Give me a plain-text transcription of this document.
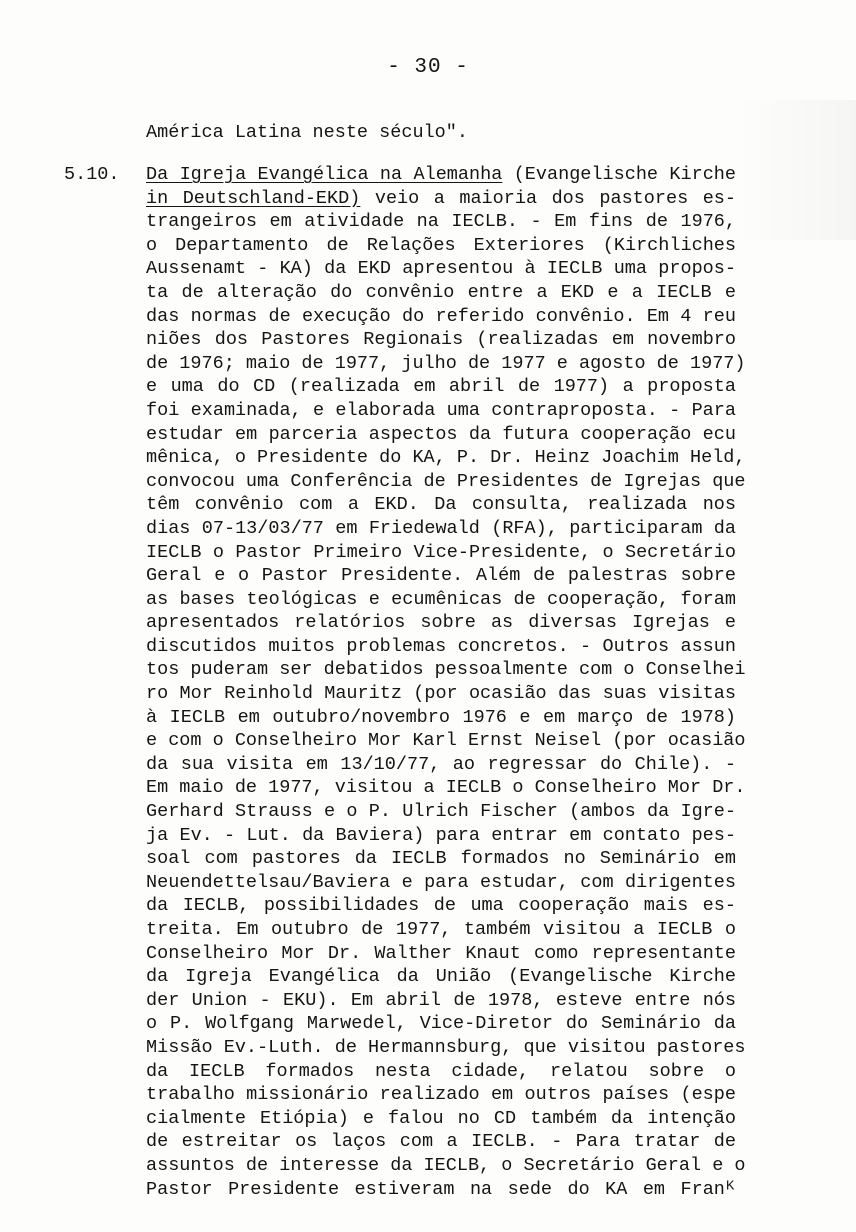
- 30 -
América Latina neste século".
5.10. Da Igreja Evangélica na Alemanha (Evangelische Kirche
in Deutschland-EKD) veio a maioria dos pastores es-
trangeiros em atividade na IECLB. - Em fins de 1976,
o Departamento de Relações Exteriores (Kirchliches
Aussenamt - KA) da EKD apresentou à IECLB uma propos-
ta de alteração do convênio entre a EKD e a IECLB e
das normas de execução do referido convênio. Em 4 reu
niões dos Pastores Regionais (realizadas em novembro
de 1976; maio de 1977, julho de 1977 e agosto de 1977)
e uma do CD (realizada em abril de 1977) a proposta
foi examinada, e elaborada uma contraproposta. - Para
estudar em parceria aspectos da futura cooperação ecu
mênica, o Presidente do KA, P. Dr. Heinz Joachim Held,
convocou uma Conferência de Presidentes de Igrejas que
têm convênio com a EKD. Da consulta, realizada nos
dias 07-13/03/77 em Friedewald (RFA), participaram da
IECLB o Pastor Primeiro Vice-Presidente, o Secretário
Geral e o Pastor Presidente. Além de palestras sobre
as bases teológicas e ecumênicas de cooperação, foram
apresentados relatórios sobre as diversas Igrejas e
discutidos muitos problemas concretos. - Outros assun
tos puderam ser debatidos pessoalmente com o Conselhei
ro Mor Reinhold Mauritz (por ocasião das suas visitas
à IECLB em outubro/novembro 1976 e em março de 1978)
e com o Conselheiro Mor Karl Ernst Neisel (por ocasião
da sua visita em 13/10/77, ao regressar do Chile). -
Em maio de 1977, visitou a IECLB o Conselheiro Mor Dr.
Gerhard Strauss e o P. Ulrich Fischer (ambos da Igre-
ja Ev. - Lut. da Baviera) para entrar em contato pes-
soal com pastores da IECLB formados no Seminário em
Neuendettelsau/Baviera e para estudar, com dirigentes
da IECLB, possibilidades de uma cooperação mais es-
treita. Em outubro de 1977, também visitou a IECLB o
Conselheiro Mor Dr. Walther Knaut como representante
da Igreja Evangélica da União (Evangelische Kirche
der Union - EKU). Em abril de 1978, esteve entre nós
o P. Wolfgang Marwedel, Vice-Diretor do Seminário da
Missão Ev.-Luth. de Hermannsburg, que visitou pastores
da IECLB formados nesta cidade, relatou sobre o
trabalho missionário realizado em outros países (espe
cialmente Etiópia) e falou no CD também da intenção
de estreitar os laços com a IECLB. - Para tratar de
assuntos de interesse da IECLB, o Secretário Geral e o
Pastor Presidente estiveram na sede do KA em Franᴷ
